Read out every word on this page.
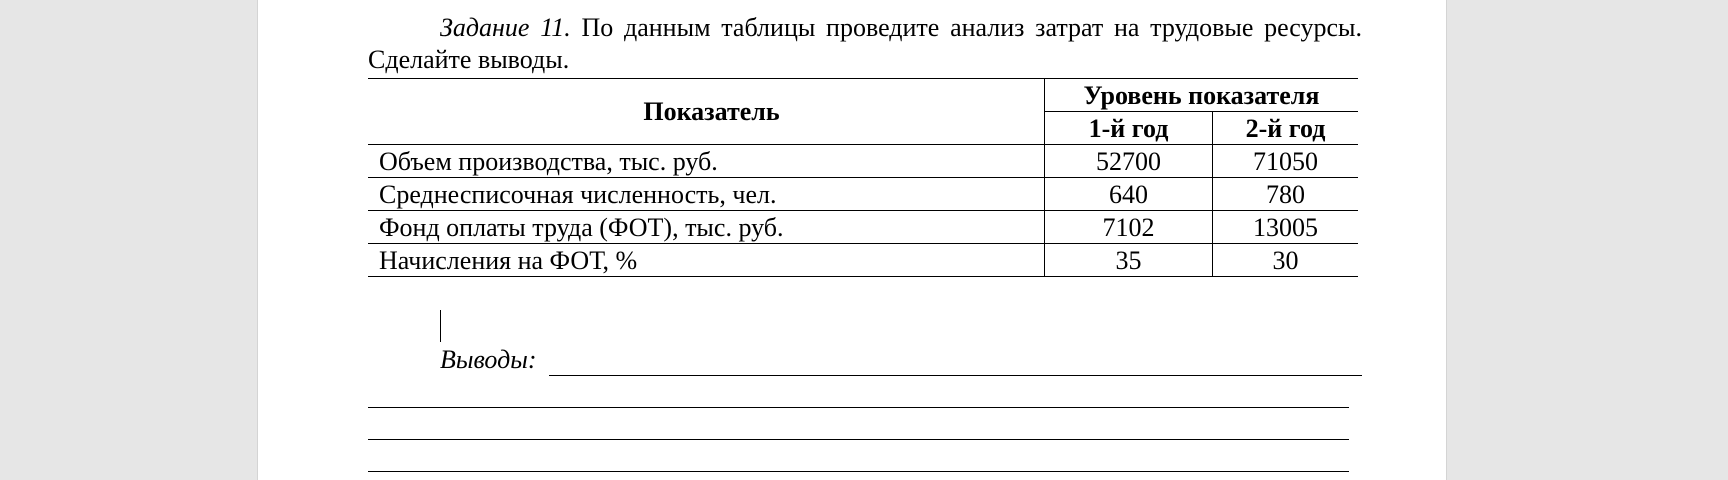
Задание 11. По данным таблицы проведите анализ затрат на трудовые ресурсы. Сделайте выводы.

Показатель	Уровень показателя	
	1-й год	2-й год
Объем производства, тыс. руб.	52700	71050
Среднесписочная численность, чел.	640	780
Фонд оплаты труда (ФОТ), тыс. руб.	7102	13005
Начисления на ФОТ, %	35	30
Выводы:
